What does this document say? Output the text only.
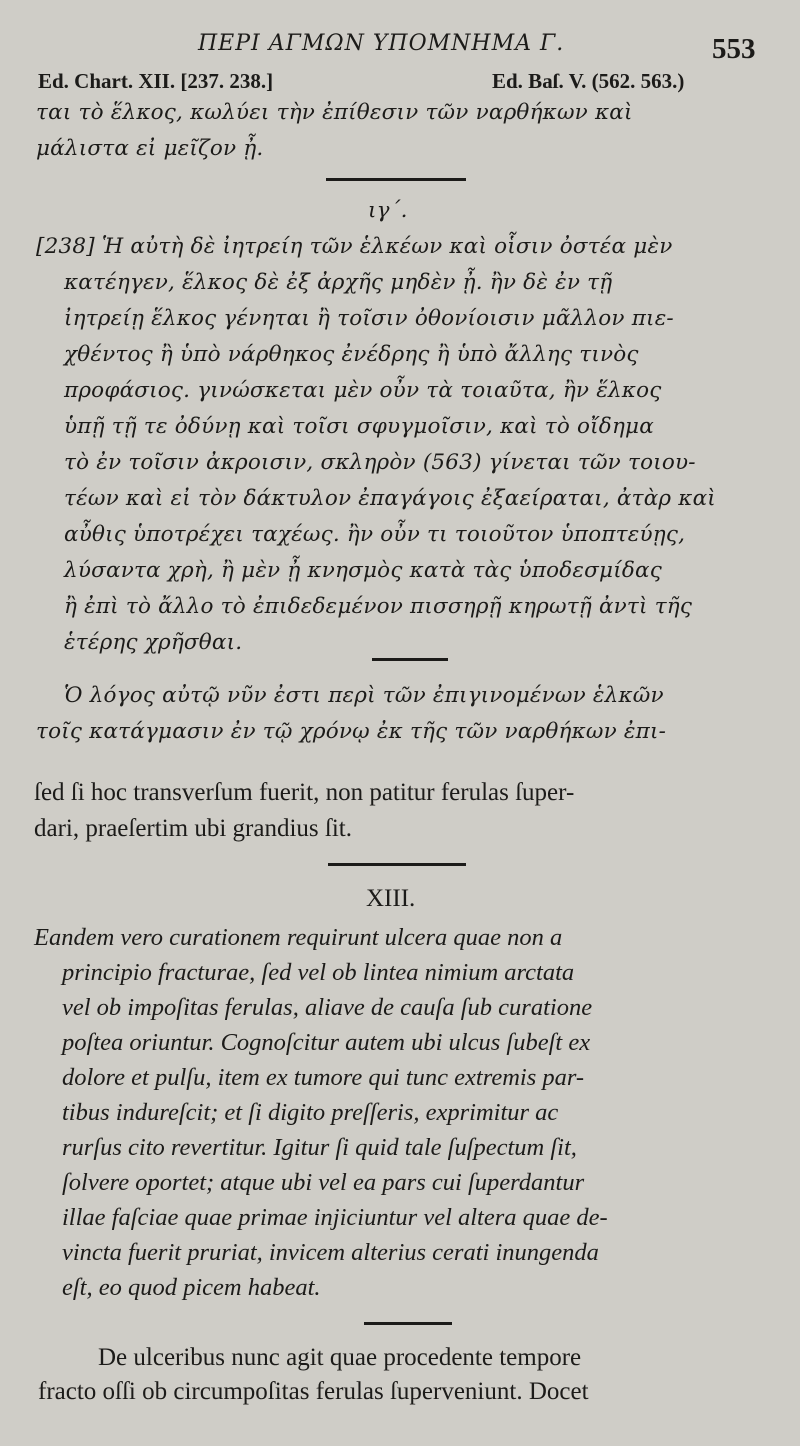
ΠΕΡΙ ΑΓΜΩΝ ΥΠΟΜΝΗΜΑ Γ.	553
Ed. Chart. XII. [237. 238.]	Ed. Baſ. V. (562. 563.)
ται τὸ ἕλκος, κωλύει τὴν ἐπίθεσιν τῶν ναρθήκων καὶ
μάλιστα εἰ μεῖζον ᾖ.
ιγ΄.
[238] Ἡ αὐτὴ δὲ ἰητρείη τῶν ἑλκέων καὶ οἷσιν ὀστέα μὲν
κατέηγεν, ἕλκος δὲ ἐξ ἀρχῆς μηδὲν ᾖ. ἢν δὲ ἐν τῇ
ἰητρείῃ ἕλκος γένηται ἢ τοῖσιν ὀθονίοισιν μᾶλλον πιε-
χθέντος ἢ ὑπὸ νάρθηκος ἐνέδρης ἢ ὑπὸ ἄλλης τινὸς
προφάσιος. γινώσκεται μὲν οὖν τὰ τοιαῦτα, ἢν ἕλκος
ὑπῇ τῇ τε ὀδύνῃ καὶ τοῖσι σφυγμοῖσιν, καὶ τὸ οἴδημα
τὸ ἐν τοῖσιν ἀκροισιν, σκληρὸν (563) γίνεται τῶν τοιου-
τέων καὶ εἰ τὸν δάκτυλον ἐπαγάγοις ἐξαείραται, ἀτὰρ καὶ
αὖθις ὑποτρέχει ταχέως. ἢν οὖν τι τοιοῦτον ὑποπτεύῃς,
λύσαντα χρὴ, ἢ μὲν ᾖ κνησμὸς κατὰ τὰς ὑποδεσμίδας
ἢ ἐπὶ τὸ ἄλλο τὸ ἐπιδεδεμένον πισσηρῇ κηρωτῇ ἀντὶ τῆς
ἑτέρης χρῆσθαι.
Ὁ λόγος αὐτῷ νῦν ἐστι περὶ τῶν ἐπιγινομένων ἑλκῶν
τοῖς κατάγμασιν ἐν τῷ χρόνῳ ἐκ τῆς τῶν ναρθήκων ἐπι-
ſed ſi hoc transverſum fuerit, non patitur ferulas ſuper-
dari, praeſertim ubi grandius ſit.
XIII.
Eandem vero curationem requirunt ulcera quae non a
principio fracturae, ſed vel ob lintea nimium arctata
vel ob impoſitas ferulas, aliave de cauſa ſub curatione
poſtea oriuntur. Cognoſcitur autem ubi ulcus ſubeſt ex
dolore et pulſu, item ex tumore qui tunc extremis par-
tibus indureſcit; et ſi digito preſſeris, exprimitur ac
rurſus cito revertitur. Igitur ſi quid tale ſuſpectum ſit,
ſolvere oportet; atque ubi vel ea pars cui ſuperdantur
illae faſciae quae primae injiciuntur vel altera quae de-
vincta fuerit pruriat, invicem alterius cerati inungenda
eſt, eo quod picem habeat.
De ulceribus nunc agit quae procedente tempore
fracto oſſi ob circumpoſitas ferulas ſuperveniunt. Docet
